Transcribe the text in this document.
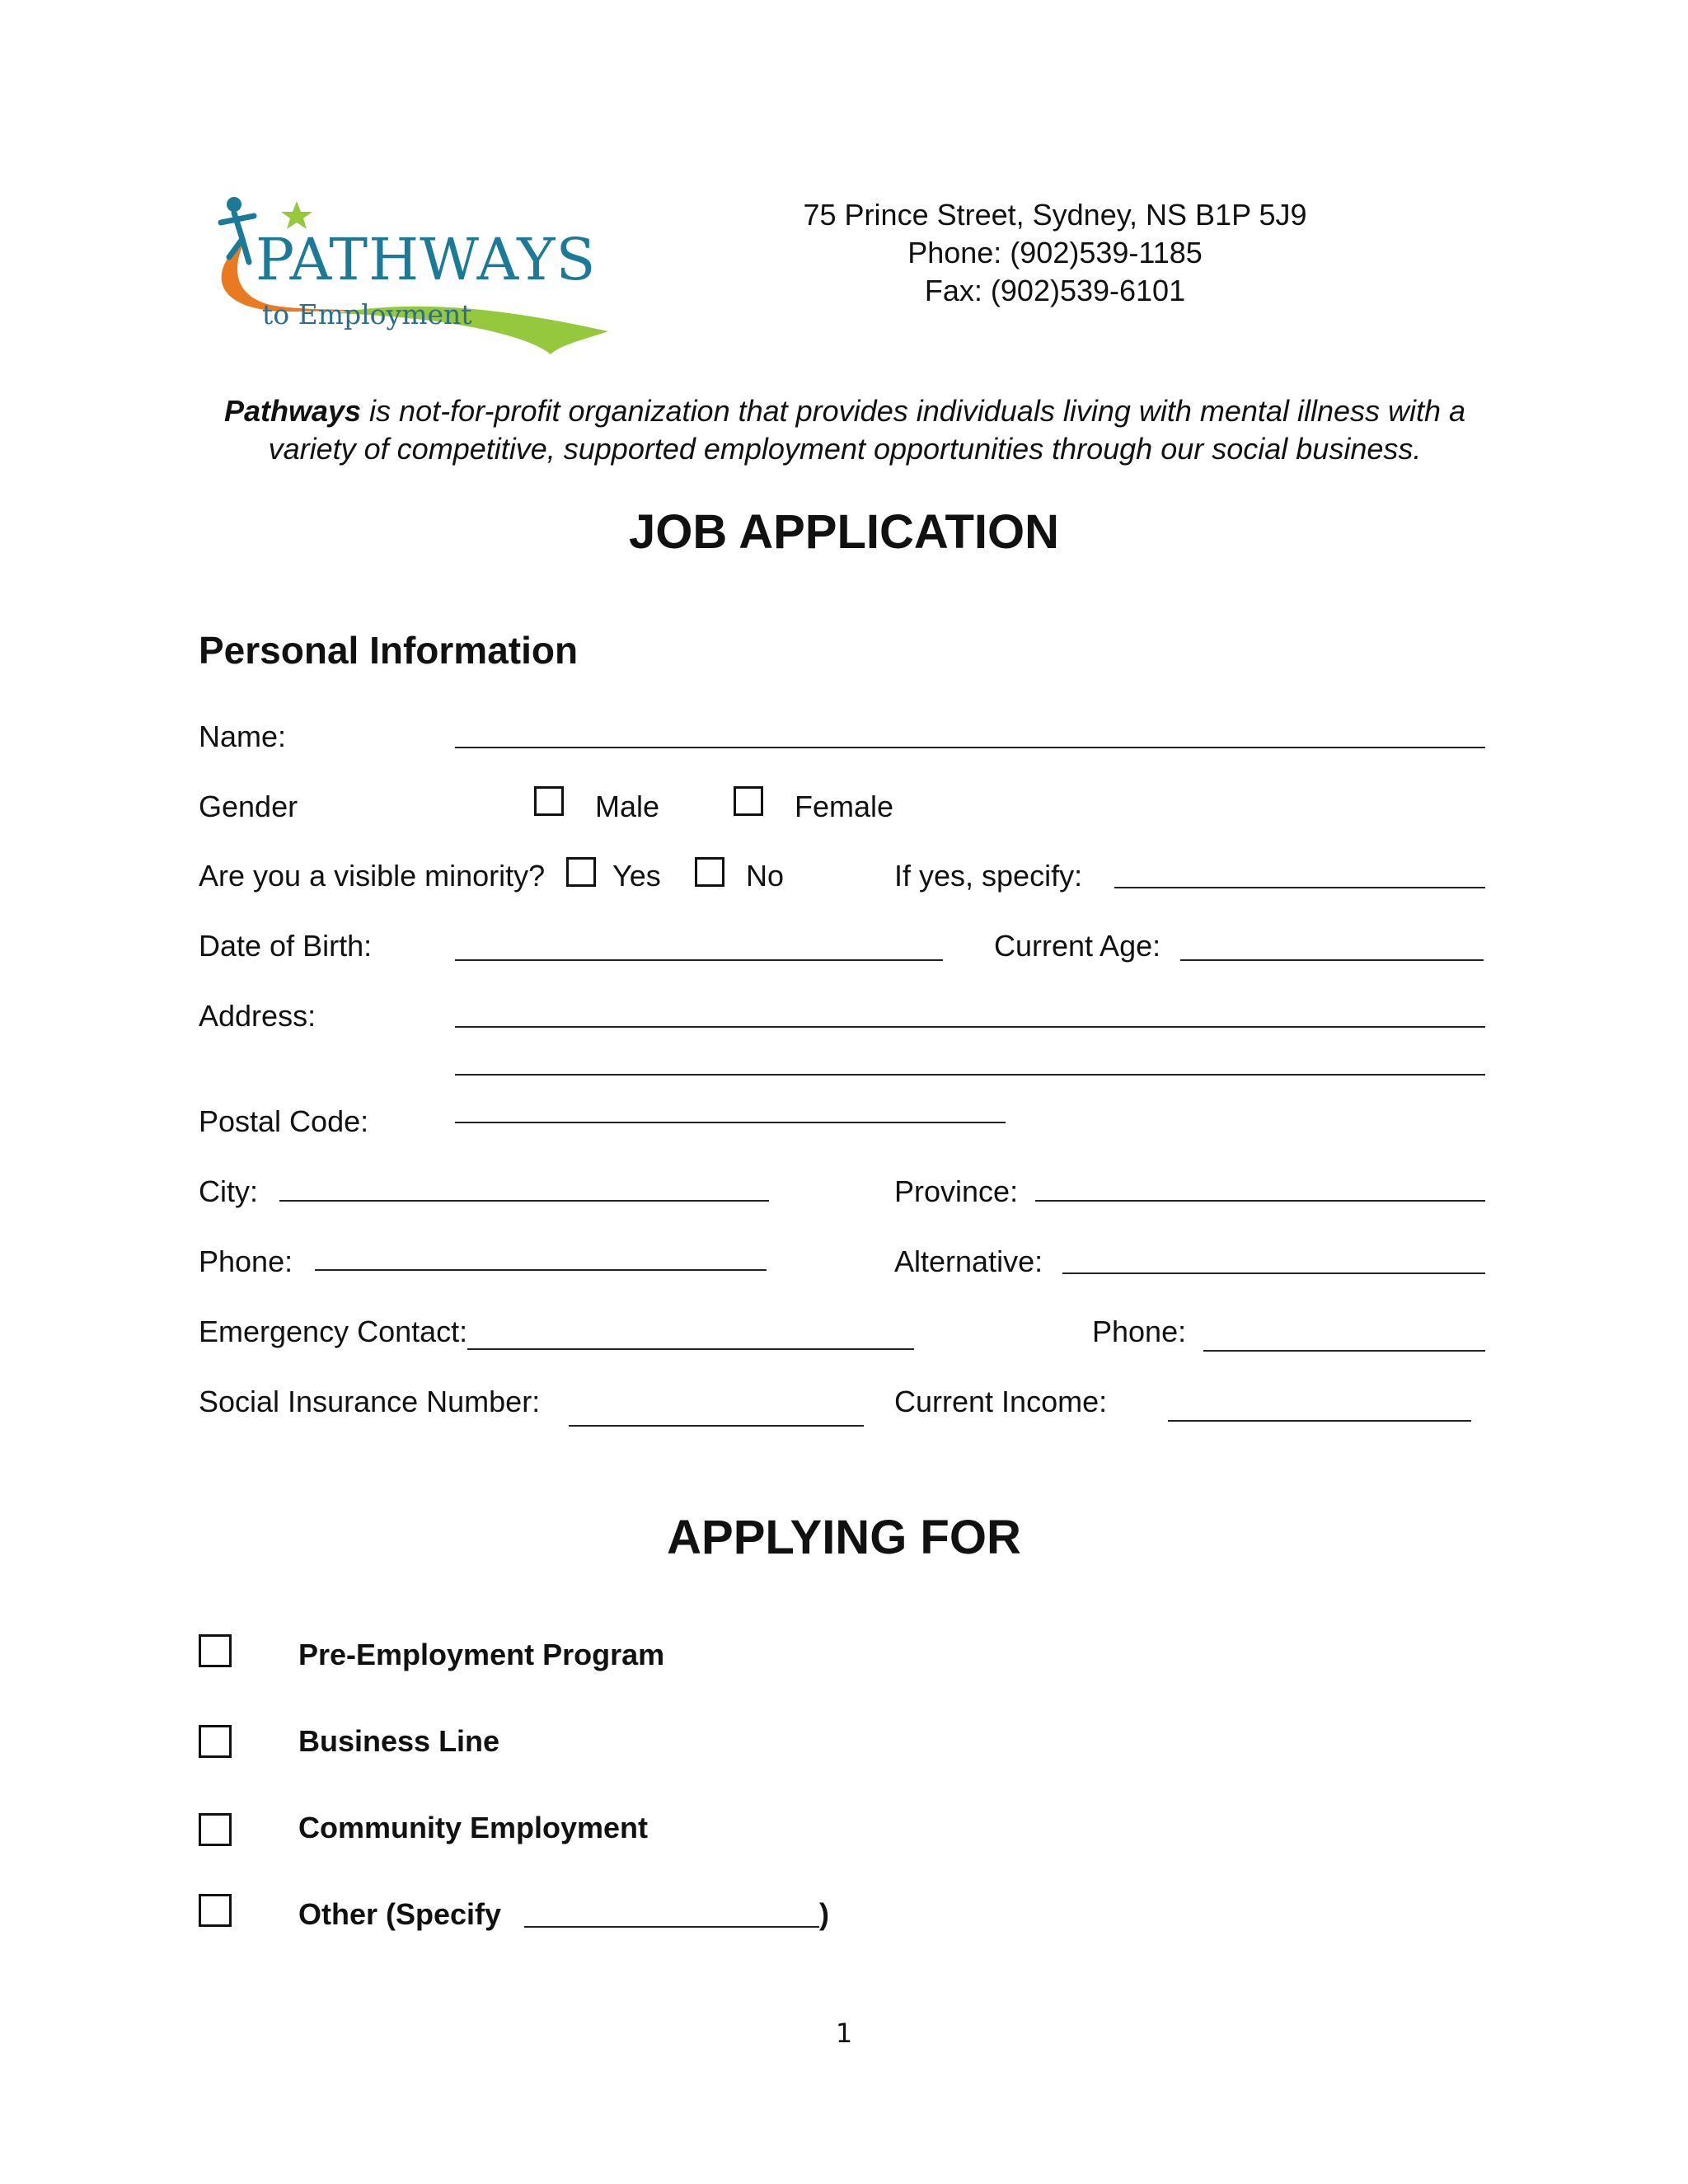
PATHWAYS
to Employment
75 Prince Street, Sydney, NS B1P 5J9
Phone: (902)539-1185
Fax: (902)539-6101
Pathways is not-for-profit organization that provides individuals living with mental illness with a
variety of competitive, supported employment opportunities through our social business.
JOB APPLICATION
Personal Information
Name:
Gender	Male	Female
Are you a visible minority? Yes	No	If yes, specify:
Date of Birth:	Current Age:
Address:
Postal Code:
City:	Province:
Phone:	Alternative:
Emergency Contact:	Phone:
Social Insurance Number:	Current Income:
APPLYING FOR
Pre-Employment Program
Business Line
Community Employment
Other (Specify	)
1
